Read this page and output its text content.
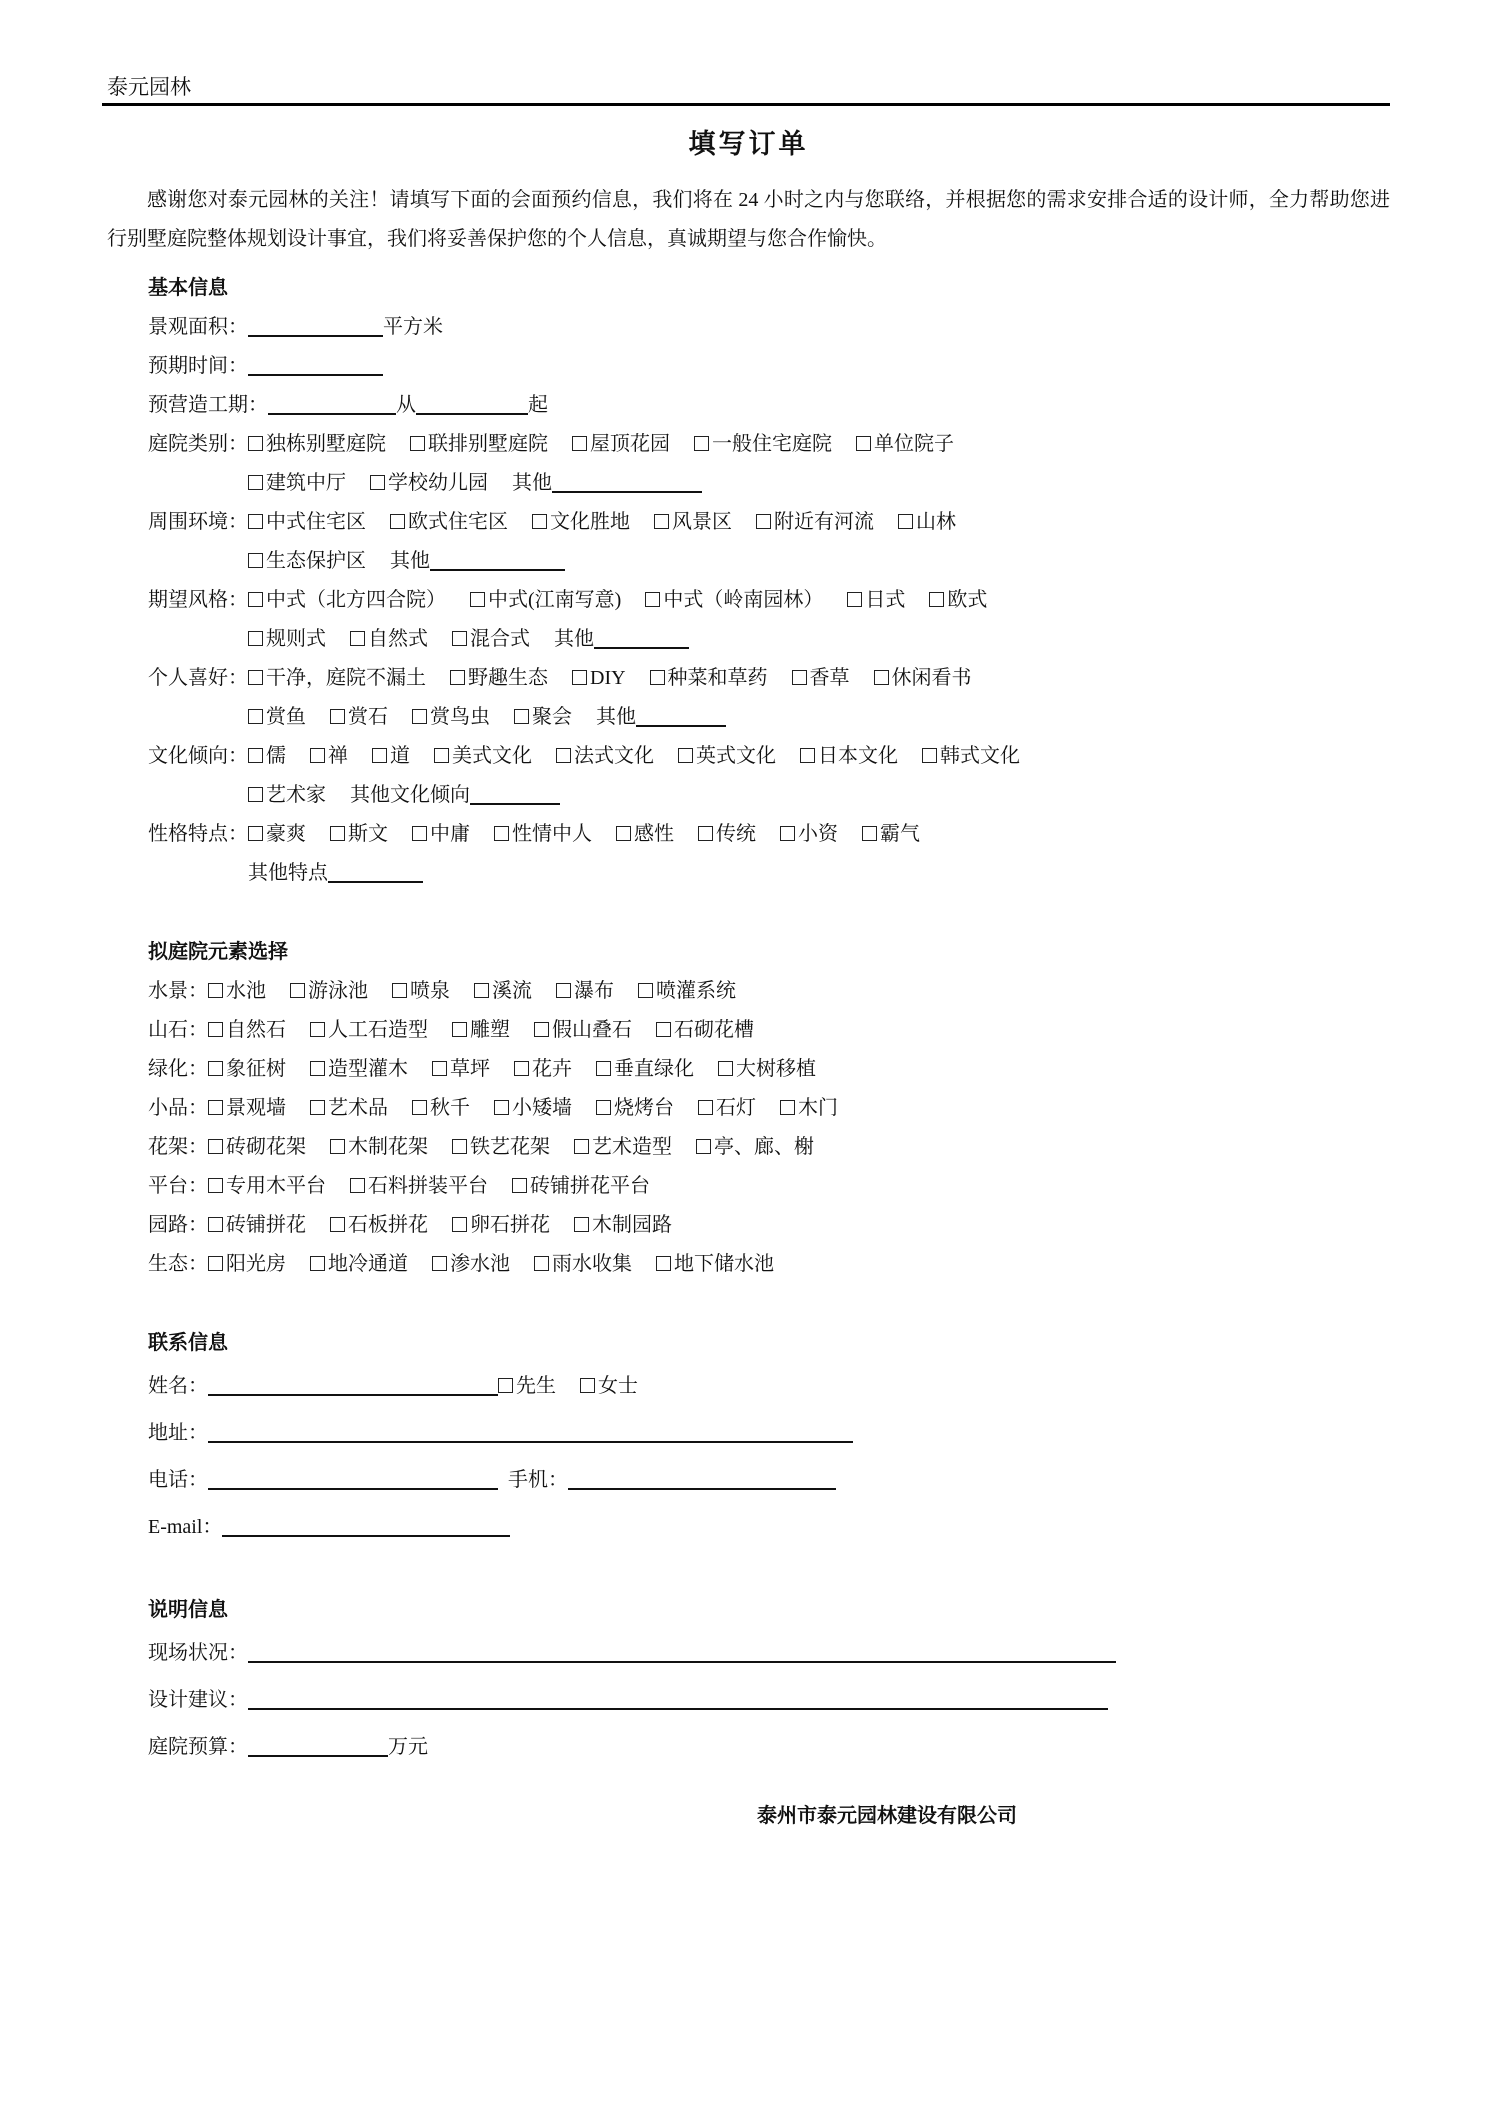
泰元园林
填写订单

感谢您对泰元园林的关注！请填写下面的会面预约信息，我们将在 24 小时之内与您联络，并根据您的需求安排合适的设计师，全力帮助您进行别墅庭院整体规划设计事宜，我们将妥善保护您的个人信息，真诚期望与您合作愉快。

基本信息
景观面积：	平方米
预期时间：
预营造工期：	从	起
庭院类别： 独栋别墅庭院 联排别墅庭院 屋顶花园 一般住宅庭院 单位院子
建筑中厅 学校幼儿园 其他
周围环境： 中式住宅区 欧式住宅区 文化胜地 风景区 附近有河流 山林
生态保护区 其他
期望风格： 中式（北方四合院） 中式(江南写意) 中式（岭南园林） 日式 欧式
规则式 自然式 混合式 其他
个人喜好： 干净，庭院不漏土 野趣生态 DIY 种菜和草药 香草 休闲看书
赏鱼 赏石 赏鸟虫 聚会 其他
文化倾向： 儒 禅 道 美式文化 法式文化 英式文化 日本文化 韩式文化
艺术家 其他文化倾向
性格特点： 豪爽 斯文 中庸 性情中人 感性 传统 小资 霸气
其他特点
拟庭院元素选择
水景： 水池 游泳池 喷泉 溪流 瀑布 喷灌系统
山石： 自然石 人工石造型 雕塑 假山叠石 石砌花槽
绿化： 象征树 造型灌木 草坪 花卉 垂直绿化 大树移植
小品： 景观墙 艺术品 秋千 小矮墙 烧烤台 石灯 木门
花架： 砖砌花架 木制花架 铁艺花架 艺术造型 亭、廊、榭
平台： 专用木平台 石料拼装平台 砖铺拼花平台
园路： 砖铺拼花 石板拼花 卵石拼花 木制园路
生态： 阳光房 地冷通道 渗水池 雨水收集 地下储水池
联系信息
姓名：	先生 女士
地址：
电话：	手机：
E-mail：
说明信息
现场状况：
设计建议：
庭院预算：	万元
泰州市泰元园林建设有限公司
